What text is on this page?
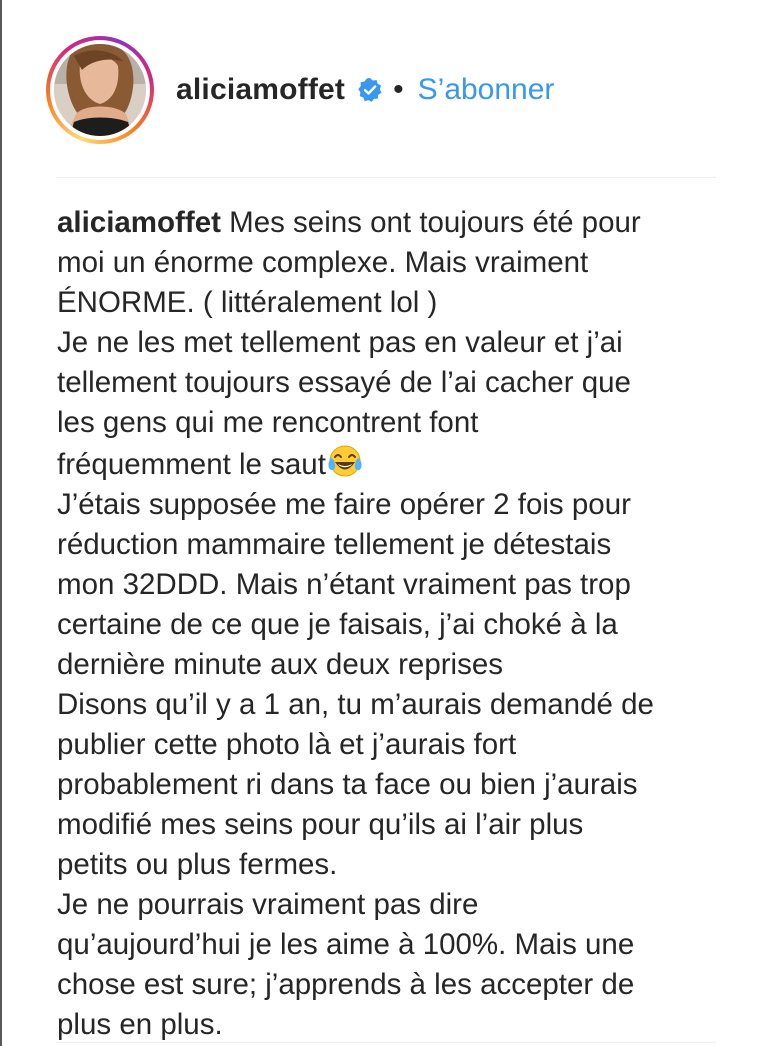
aliciamoffet • S’abonner

aliciamoffet Mes seins ont toujours été pour
moi un énorme complexe. Mais vraiment
ÉNORME. ( littéralement lol )
Je ne les met tellement pas en valeur et j’ai
tellement toujours essayé de l’ai cacher que
les gens qui me rencontrent font
fréquemment le saut
J’étais supposée me faire opérer 2 fois pour
réduction mammaire tellement je détestais
mon 32DDD. Mais n’étant vraiment pas trop
certaine de ce que je faisais, j’ai choké à la
dernière minute aux deux reprises
Disons qu’il y a 1 an, tu m’aurais demandé de
publier cette photo là et j’aurais fort
probablement ri dans ta face ou bien j’aurais
modifié mes seins pour qu’ils ai l’air plus
petits ou plus fermes.
Je ne pourrais vraiment pas dire
qu’aujourd’hui je les aime à 100%. Mais une
chose est sure; j’apprends à les accepter de
plus en plus.
